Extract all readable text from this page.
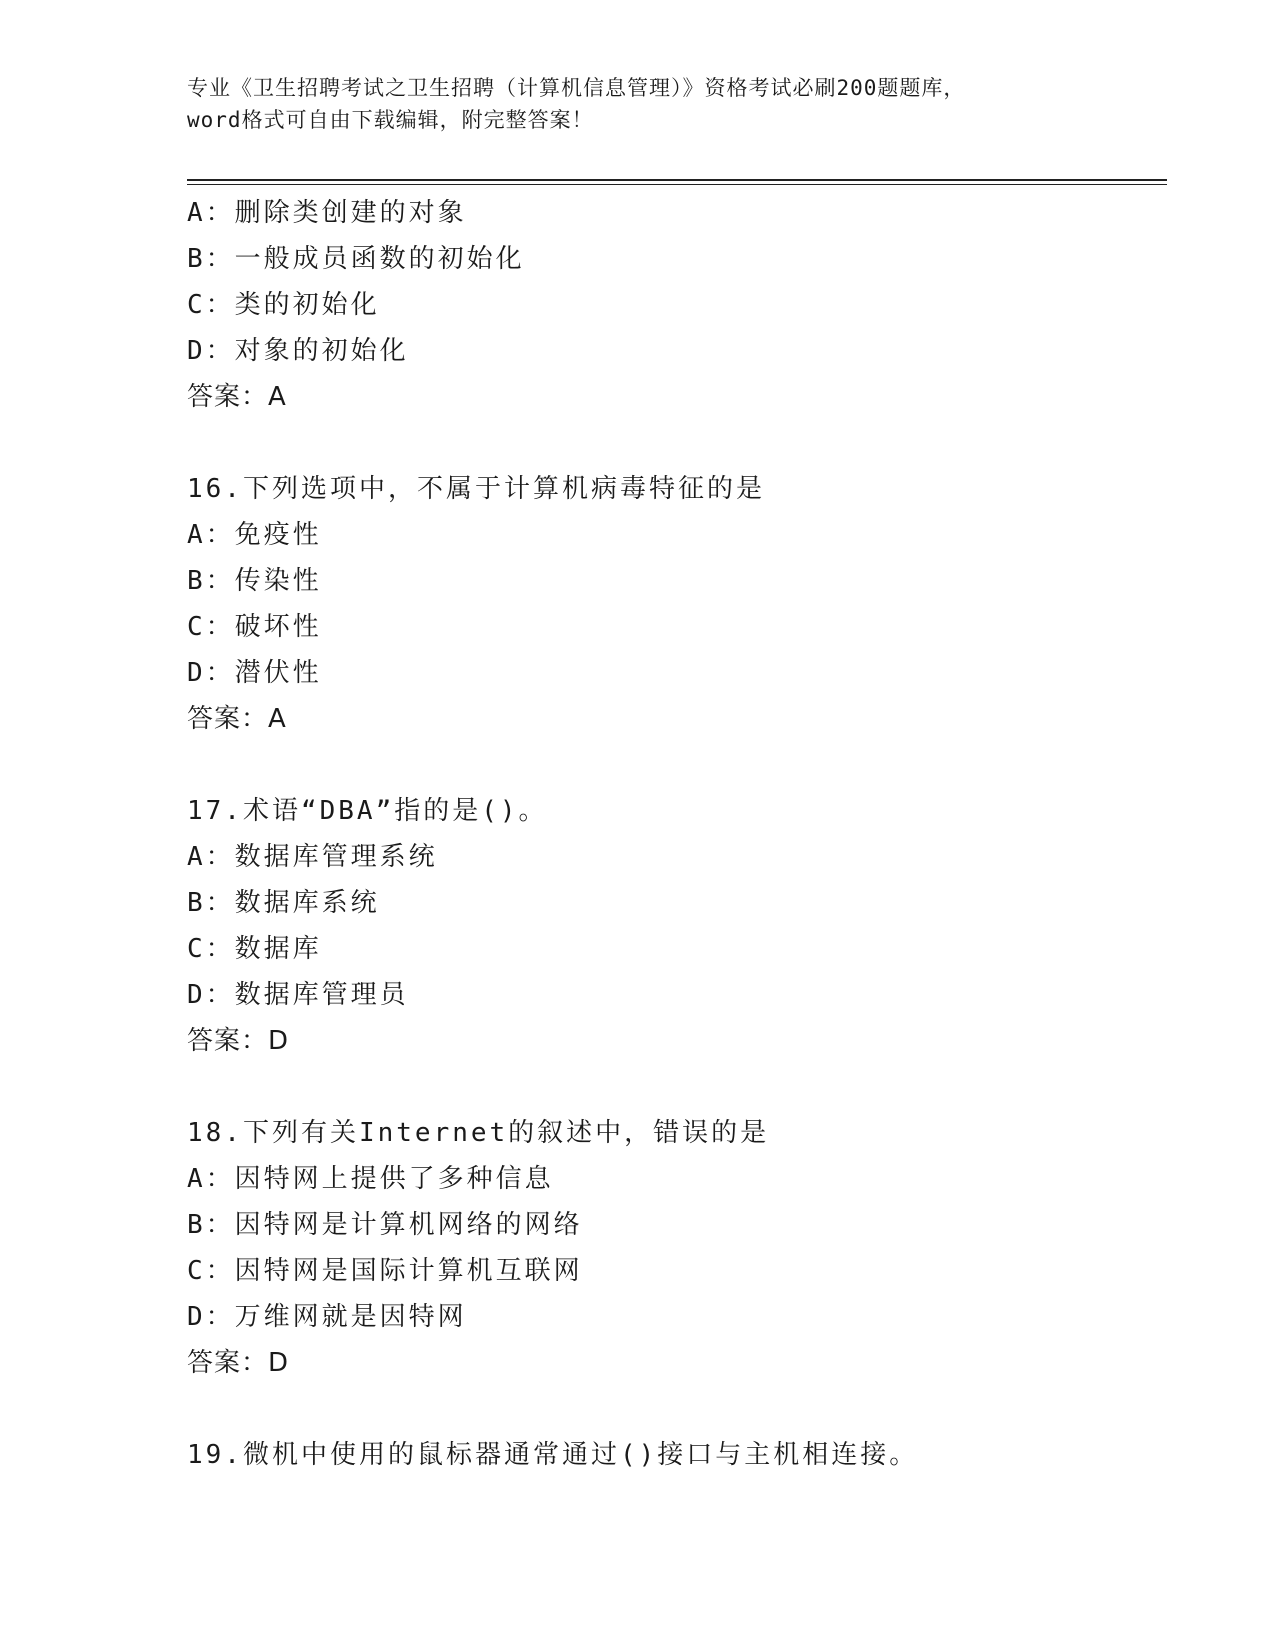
专业《卫生招聘考试之卫生招聘（计算机信息管理）》资格考试必刷200题题库，
word格式可自由下载编辑，附完整答案！
A：删除类创建的对象
B：一般成员函数的初始化
C：类的初始化
D：对象的初始化
答案：A
16.下列选项中，不属于计算机病毒特征的是
A：免疫性
B：传染性
C：破坏性
D：潜伏性
答案：A
17.术语“DBA”指的是()。
A：数据库管理系统
B：数据库系统
C：数据库
D：数据库管理员
答案：D
18.下列有关Internet的叙述中，错误的是
A：因特网上提供了多种信息
B：因特网是计算机网络的网络
C：因特网是国际计算机互联网
D：万维网就是因特网
答案：D
19.微机中使用的鼠标器通常通过()接口与主机相连接。
